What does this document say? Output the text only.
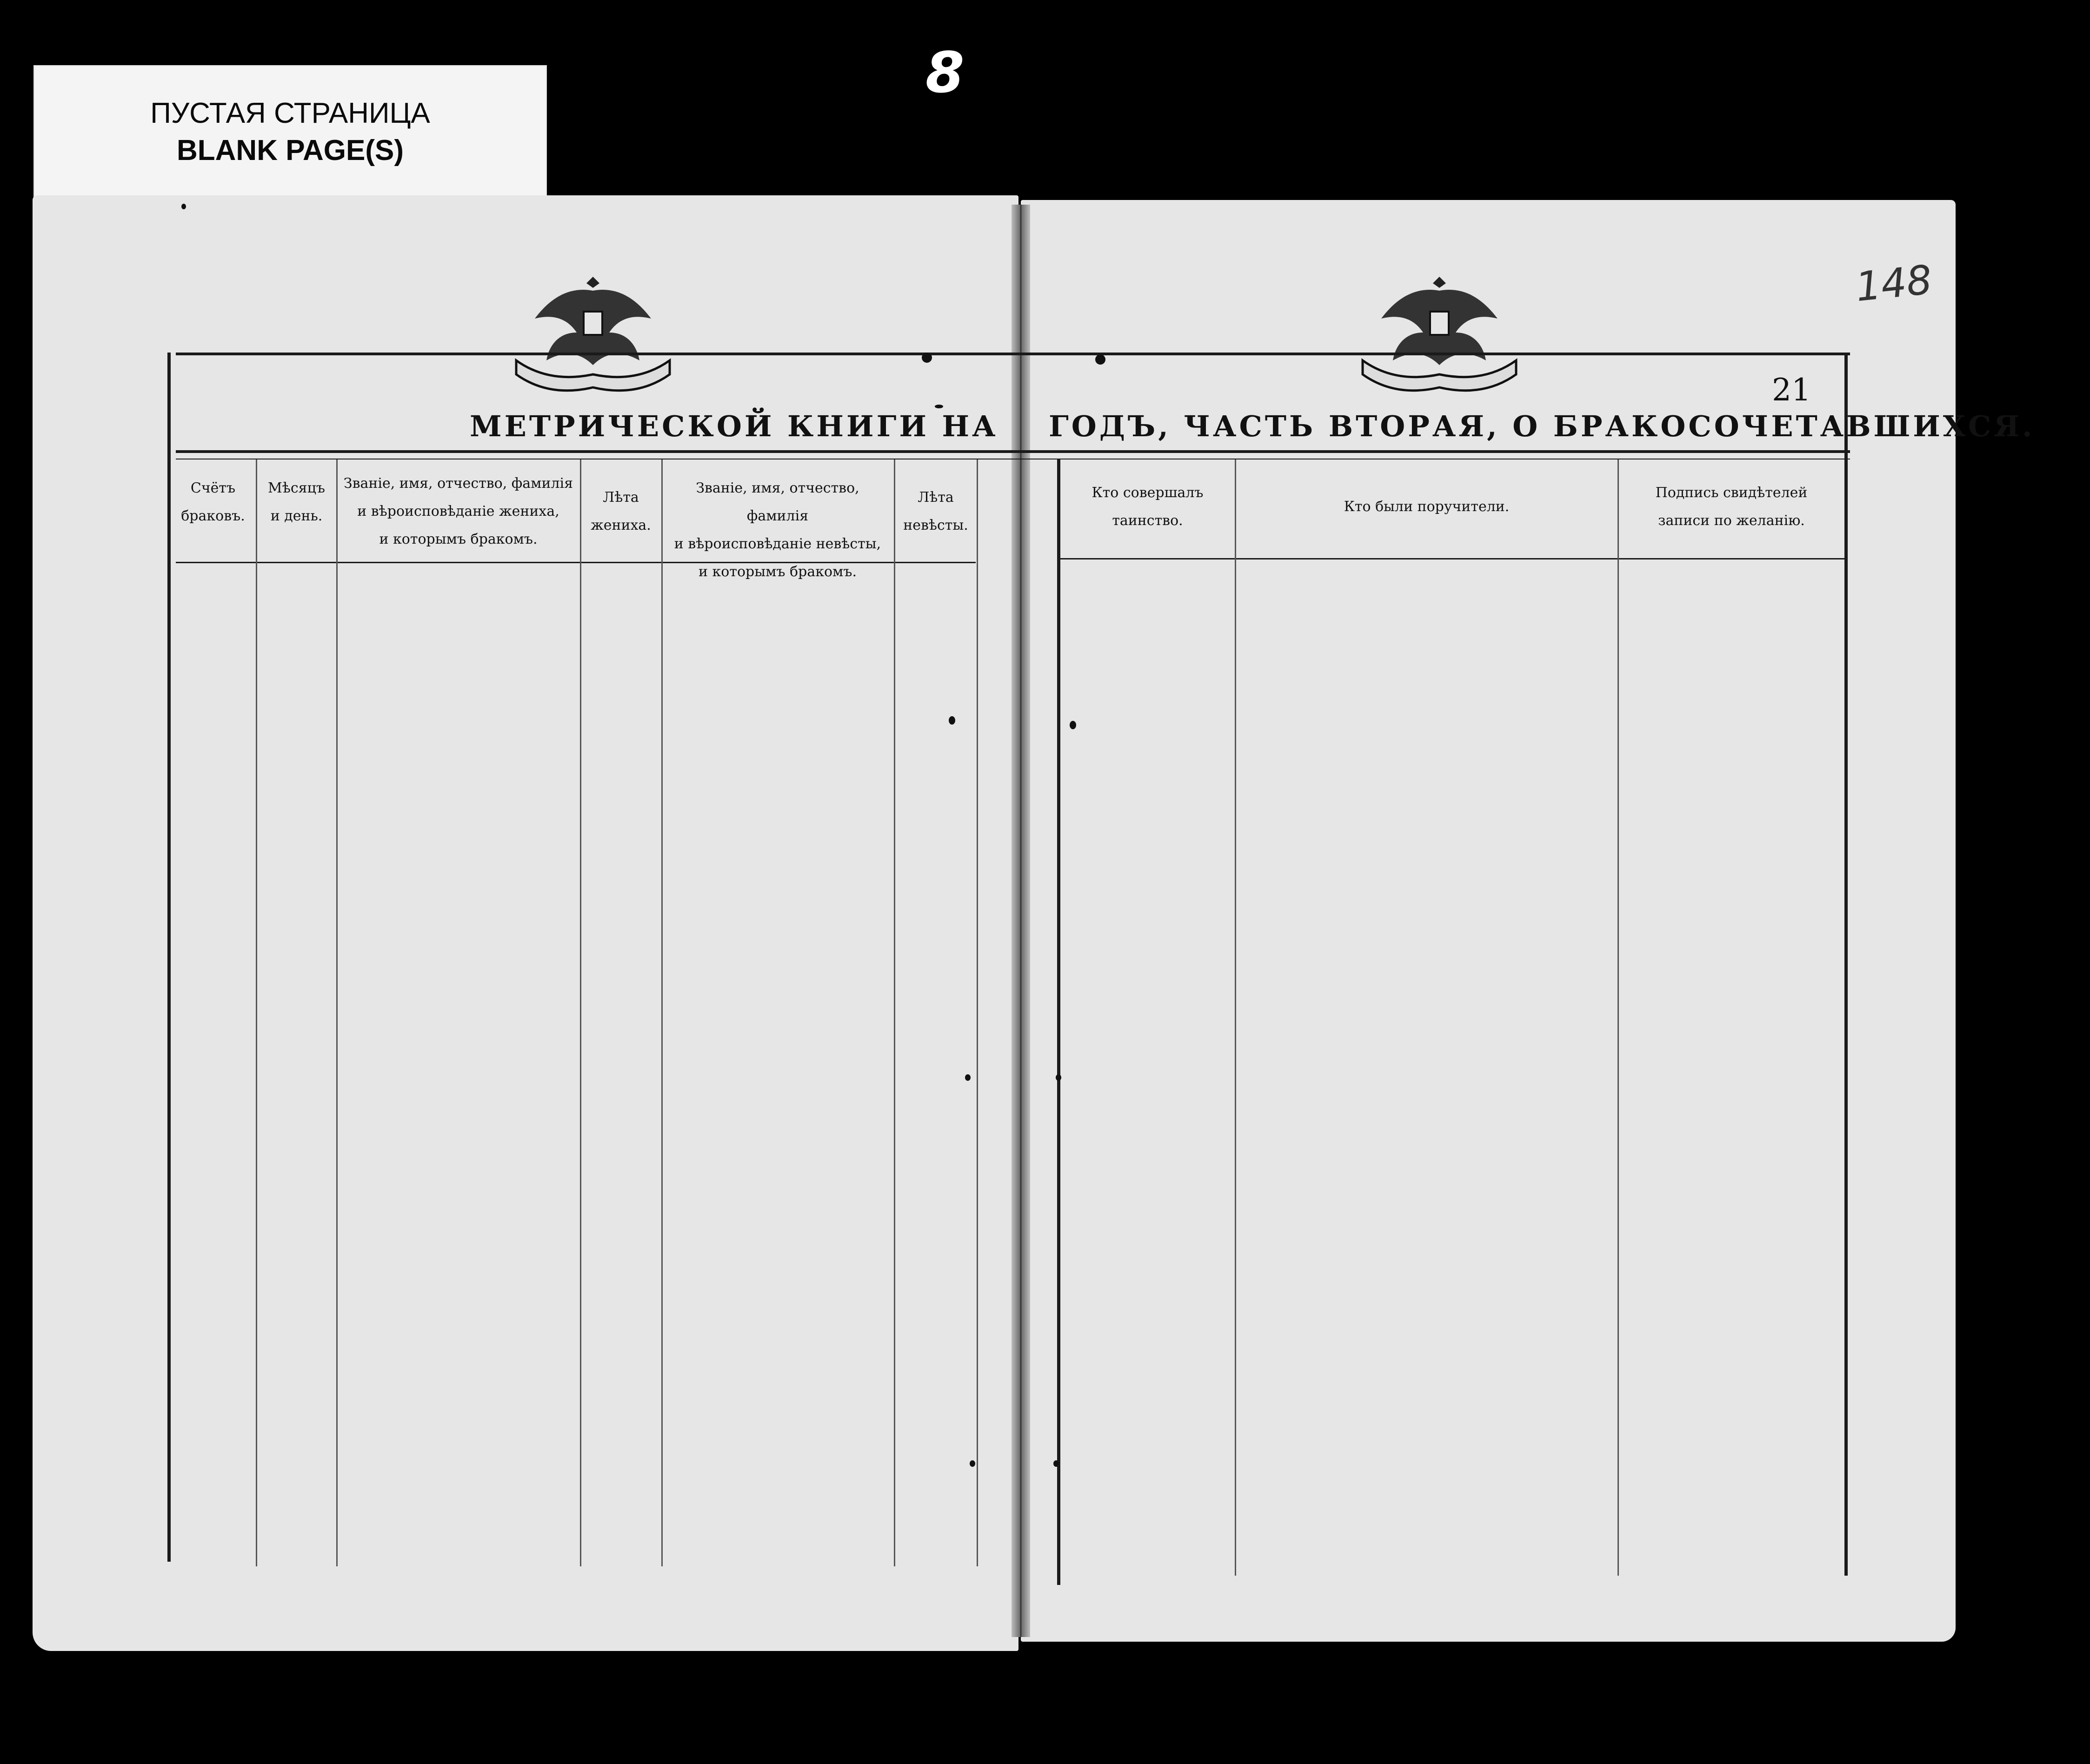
ПУСТАЯ СТРАНИЦА
BLANK PAGE(S)
8
МЕТРИЧЕСКОЙ КНИГИ НА ГОДЪ, ЧАСТЬ ВТОРАЯ, О БРАКОСОЧЕТАВШИХСЯ.
21
148
Счётъ
браковъ.
Мѣсяцъ
и день.
Званіе, имя, отчество, фамилія
и вѣроисповѣданіе жениха,
и которымъ бракомъ.
Лѣта
жениха.
Званіе, имя, отчество, фамилія
и вѣроисповѣданіе невѣсты,
и которымъ бракомъ.
Лѣта
невѣсты.
Кто совершалъ
таинство.
Кто были поручители.
Подпись свидѣтелей
записи по желанію.
